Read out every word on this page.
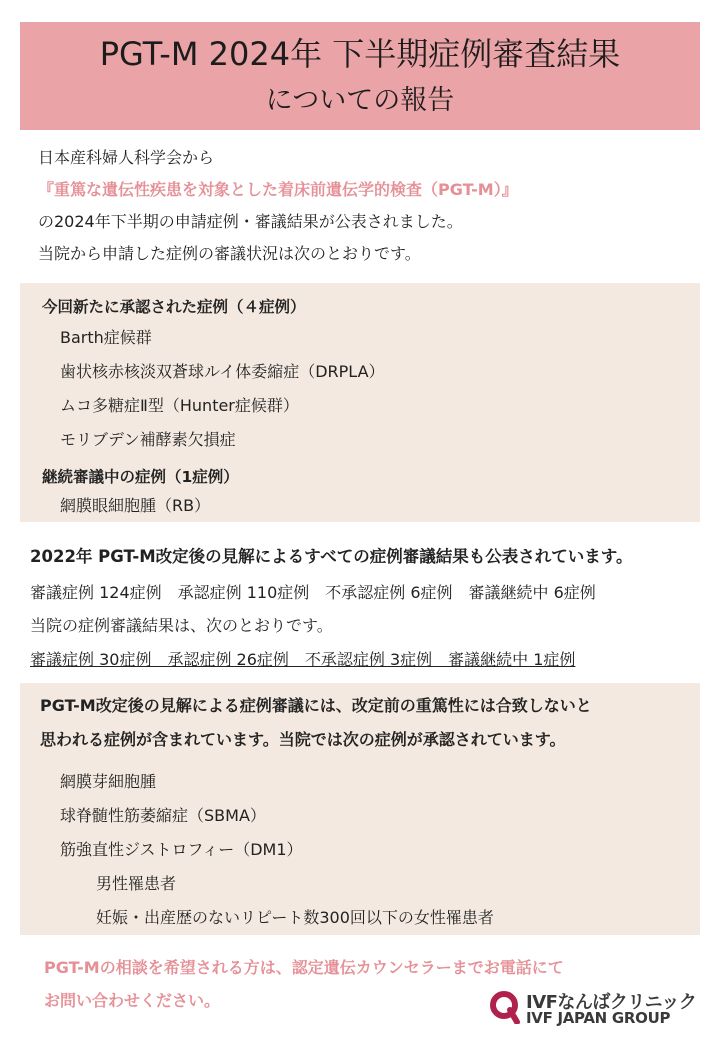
PGT-M 2024年 下半期症例審査結果
についての報告
日本産科婦人科学会から
『重篤な遺伝性疾患を対象とした着床前遺伝学的検査（PGT-M）』
の2024年下半期の申請症例・審議結果が公表されました。
当院から申請した症例の審議状況は次のとおりです。
今回新たに承認された症例（４症例）
Barth症候群
歯状核赤核淡双蒼球ルイ体委縮症（DRPLA）
ムコ多糖症Ⅱ型（Hunter症候群）
モリブデン補酵素欠損症
継続審議中の症例（1症例）
網膜眼細胞腫（RB）
2022年 PGT-M改定後の見解によるすべての症例審議結果も公表されています。
審議症例 124症例　承認症例 110症例　不承認症例 6症例　審議継続中 6症例
当院の症例審議結果は、次のとおりです。
審議症例 30症例　承認症例 26症例　不承認症例 3症例　審議継続中 1症例
PGT-M改定後の見解による症例審議には、改定前の重篤性には合致しないと
思われる症例が含まれています。当院では次の症例が承認されています。
網膜芽細胞腫
球脊髄性筋萎縮症（SBMA）
筋強直性ジストロフィー（DM1）
男性罹患者
妊娠・出産歴のないリピート数300回以下の女性罹患者
PGT-Mの相談を希望される方は、認定遺伝カウンセラーまでお電話にて
お問い合わせください。	IVFなんばクリニック
IVF JAPAN GROUP
